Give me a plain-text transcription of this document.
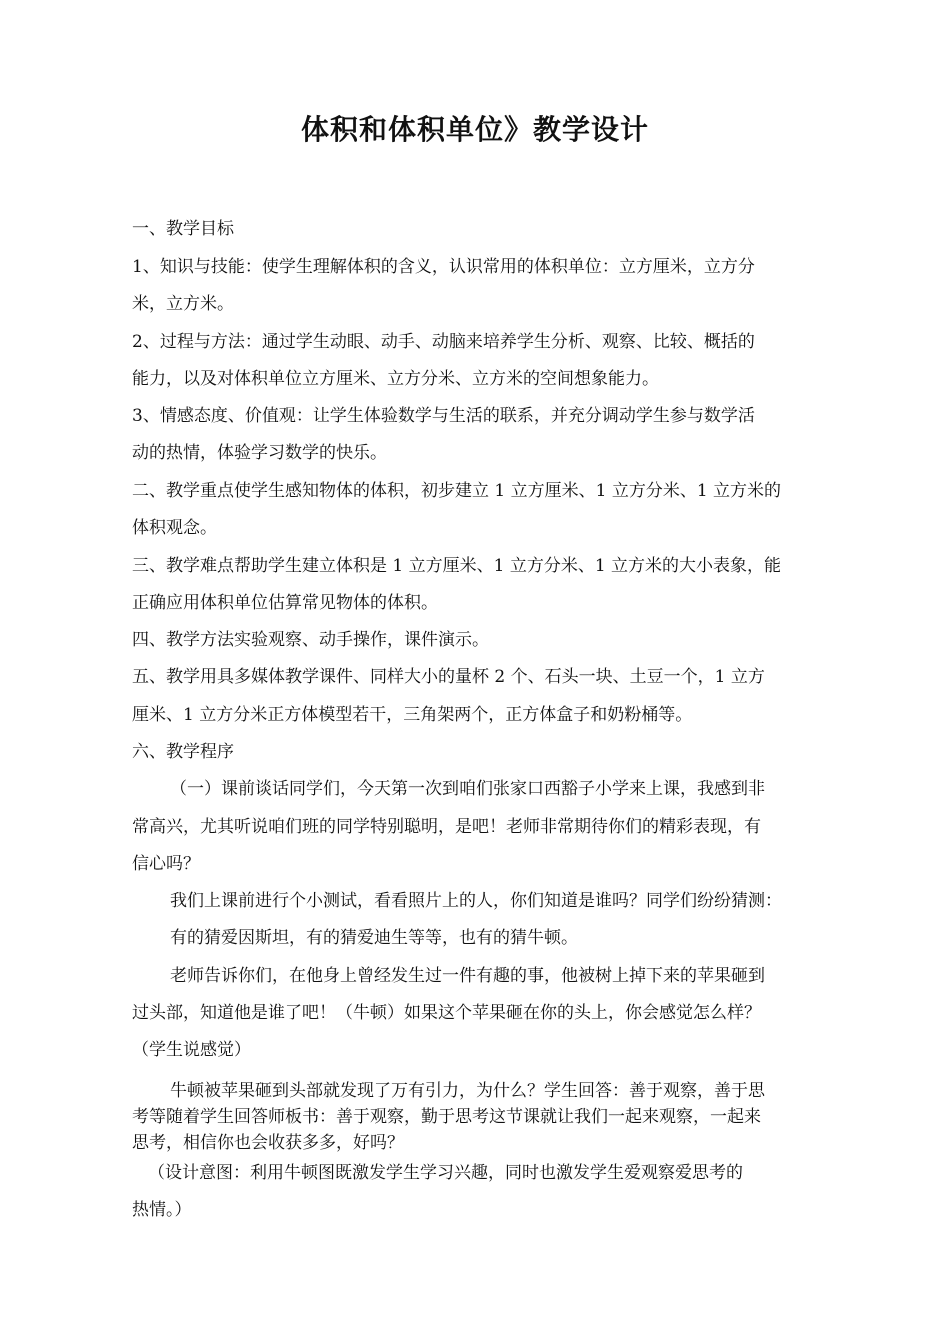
体积和体积单位》教学设计

一、教学目标

1、知识与技能：使学生理解体积的含义，认识常用的体积单位：立方厘米，立方分

米，立方米。

2、过程与方法：通过学生动眼、动手、动脑来培养学生分析、观察、比较、概括的

能力，以及对体积单位立方厘米、立方分米、立方米的空间想象能力。

3、情感态度、价值观：让学生体验数学与生活的联系，并充分调动学生参与数学活

动的热情，体验学习数学的快乐。

二、教学重点使学生感知物体的体积，初步建立 1 立方厘米、1 立方分米、1 立方米的

体积观念。

三、教学难点帮助学生建立体积是 1 立方厘米、1 立方分米、1 立方米的大小表象，能

正确应用体积单位估算常见物体的体积。

四、教学方法实验观察、动手操作，课件演示。

五、教学用具多媒体教学课件、同样大小的量杯 2 个、石头一块、土豆一个，1 立方

厘米、1 立方分米正方体模型若干，三角架两个，正方体盒子和奶粉桶等。

六、教学程序

（一）课前谈话同学们，今天第一次到咱们张家口西豁子小学来上课，我感到非

常高兴，尤其听说咱们班的同学特别聪明，是吧！老师非常期待你们的精彩表现，有

信心吗？

我们上课前进行个小测试，看看照片上的人，你们知道是谁吗？同学们纷纷猜测：

有的猜爱因斯坦，有的猜爱迪生等等，也有的猜牛顿。

老师告诉你们，在他身上曾经发生过一件有趣的事，他被树上掉下来的苹果砸到

过头部，知道他是谁了吧！（牛顿）如果这个苹果砸在你的头上，你会感觉怎么样？

（学生说感觉）

牛顿被苹果砸到头部就发现了万有引力，为什么？学生回答：善于观察，善于思

考等随着学生回答师板书：善于观察，勤于思考这节课就让我们一起来观察，一起来

思考，相信你也会收获多多，好吗？

（设计意图：利用牛顿图既激发学生学习兴趣，同时也激发学生爱观察爱思考的

热情。）
